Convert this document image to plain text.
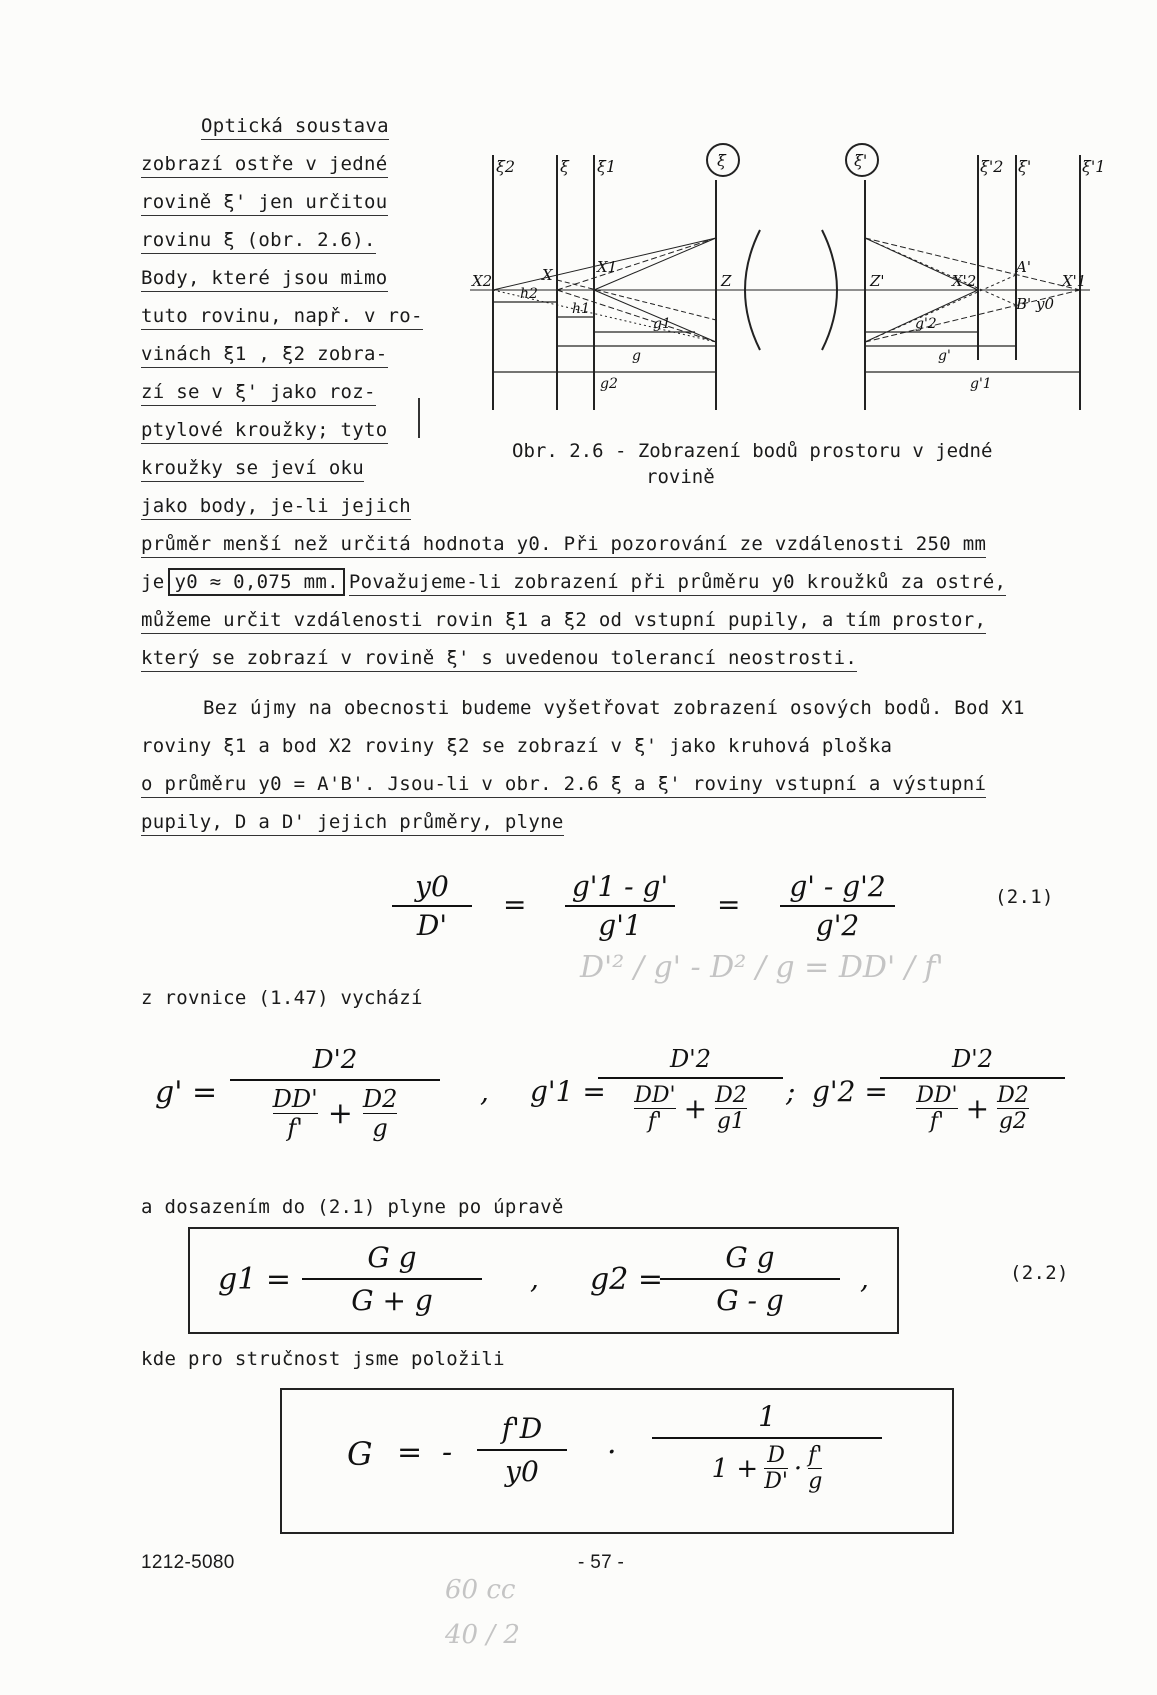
Optická soustava
zobrazí ostře v jedné
rovině ξ' jen určitou
rovinu ξ (obr. 2.6).
Body, které jsou mimo
tuto rovinu, např. v ro-
vinách ξ1 , ξ2 zobra-
zí se v ξ' jako roz-
ptylové kroužky; tyto
kroužky se jeví oku
jako body, je-li jejich
ξ2	ξ ξ1	ξ	ξ'	ξ'2 ξ'	ξ'1
X2	X	X1
Z	Z'	X'2
A'
X'1
B' y0
h2
h1
g1
g
g2
g'2
g'
g'1
Obr. 2.6 - Zobrazení bodů prostoru v jedné
rovině
průměr menší než určitá hodnota y0. Při pozorování ze vzdálenosti 250 mm
je y0 ≈ 0,075 mm. Považujeme-li zobrazení při průměru y0 kroužků za ostré,
můžeme určit vzdálenosti rovin ξ1 a ξ2 od vstupní pupily, a tím prostor,
který se zobrazí v rovině ξ' s uvedenou tolerancí neostrosti.
Bez újmy na obecnosti budeme vyšetřovat zobrazení osových bodů. Bod X1
roviny ξ1 a bod X2 roviny ξ2 se zobrazí v ξ' jako kruhová ploška
o průměru y0 = A'B'. Jsou-li v obr. 2.6 ξ a ξ' roviny vstupní a výstupní
pupily, D a D' jejich průměry, plyne
y0
D'
=
g'1 - g'
g'1
=
g' - g'2
g'2
(2.1)
D'² / g' - D² / g = DD' / f'
z rovnice (1.47) vychází
g' =
D'2
DD'
f' + D2
g
, g'1 =
D'2
DD'
f' + D2
g1
; g'2 =
D'2
DD'
f' + D2
g2
a dosazením do (2.1) plyne po úpravě
g1 =
G g
G + g
, g2 =
G g
G - g
,	(2.2)
kde pro stručnost jsme položili
G = -
f'D
y0
·
1
1 + D
D' · f'
g
1212-5080	- 57 -
60 cc
40 / 2
